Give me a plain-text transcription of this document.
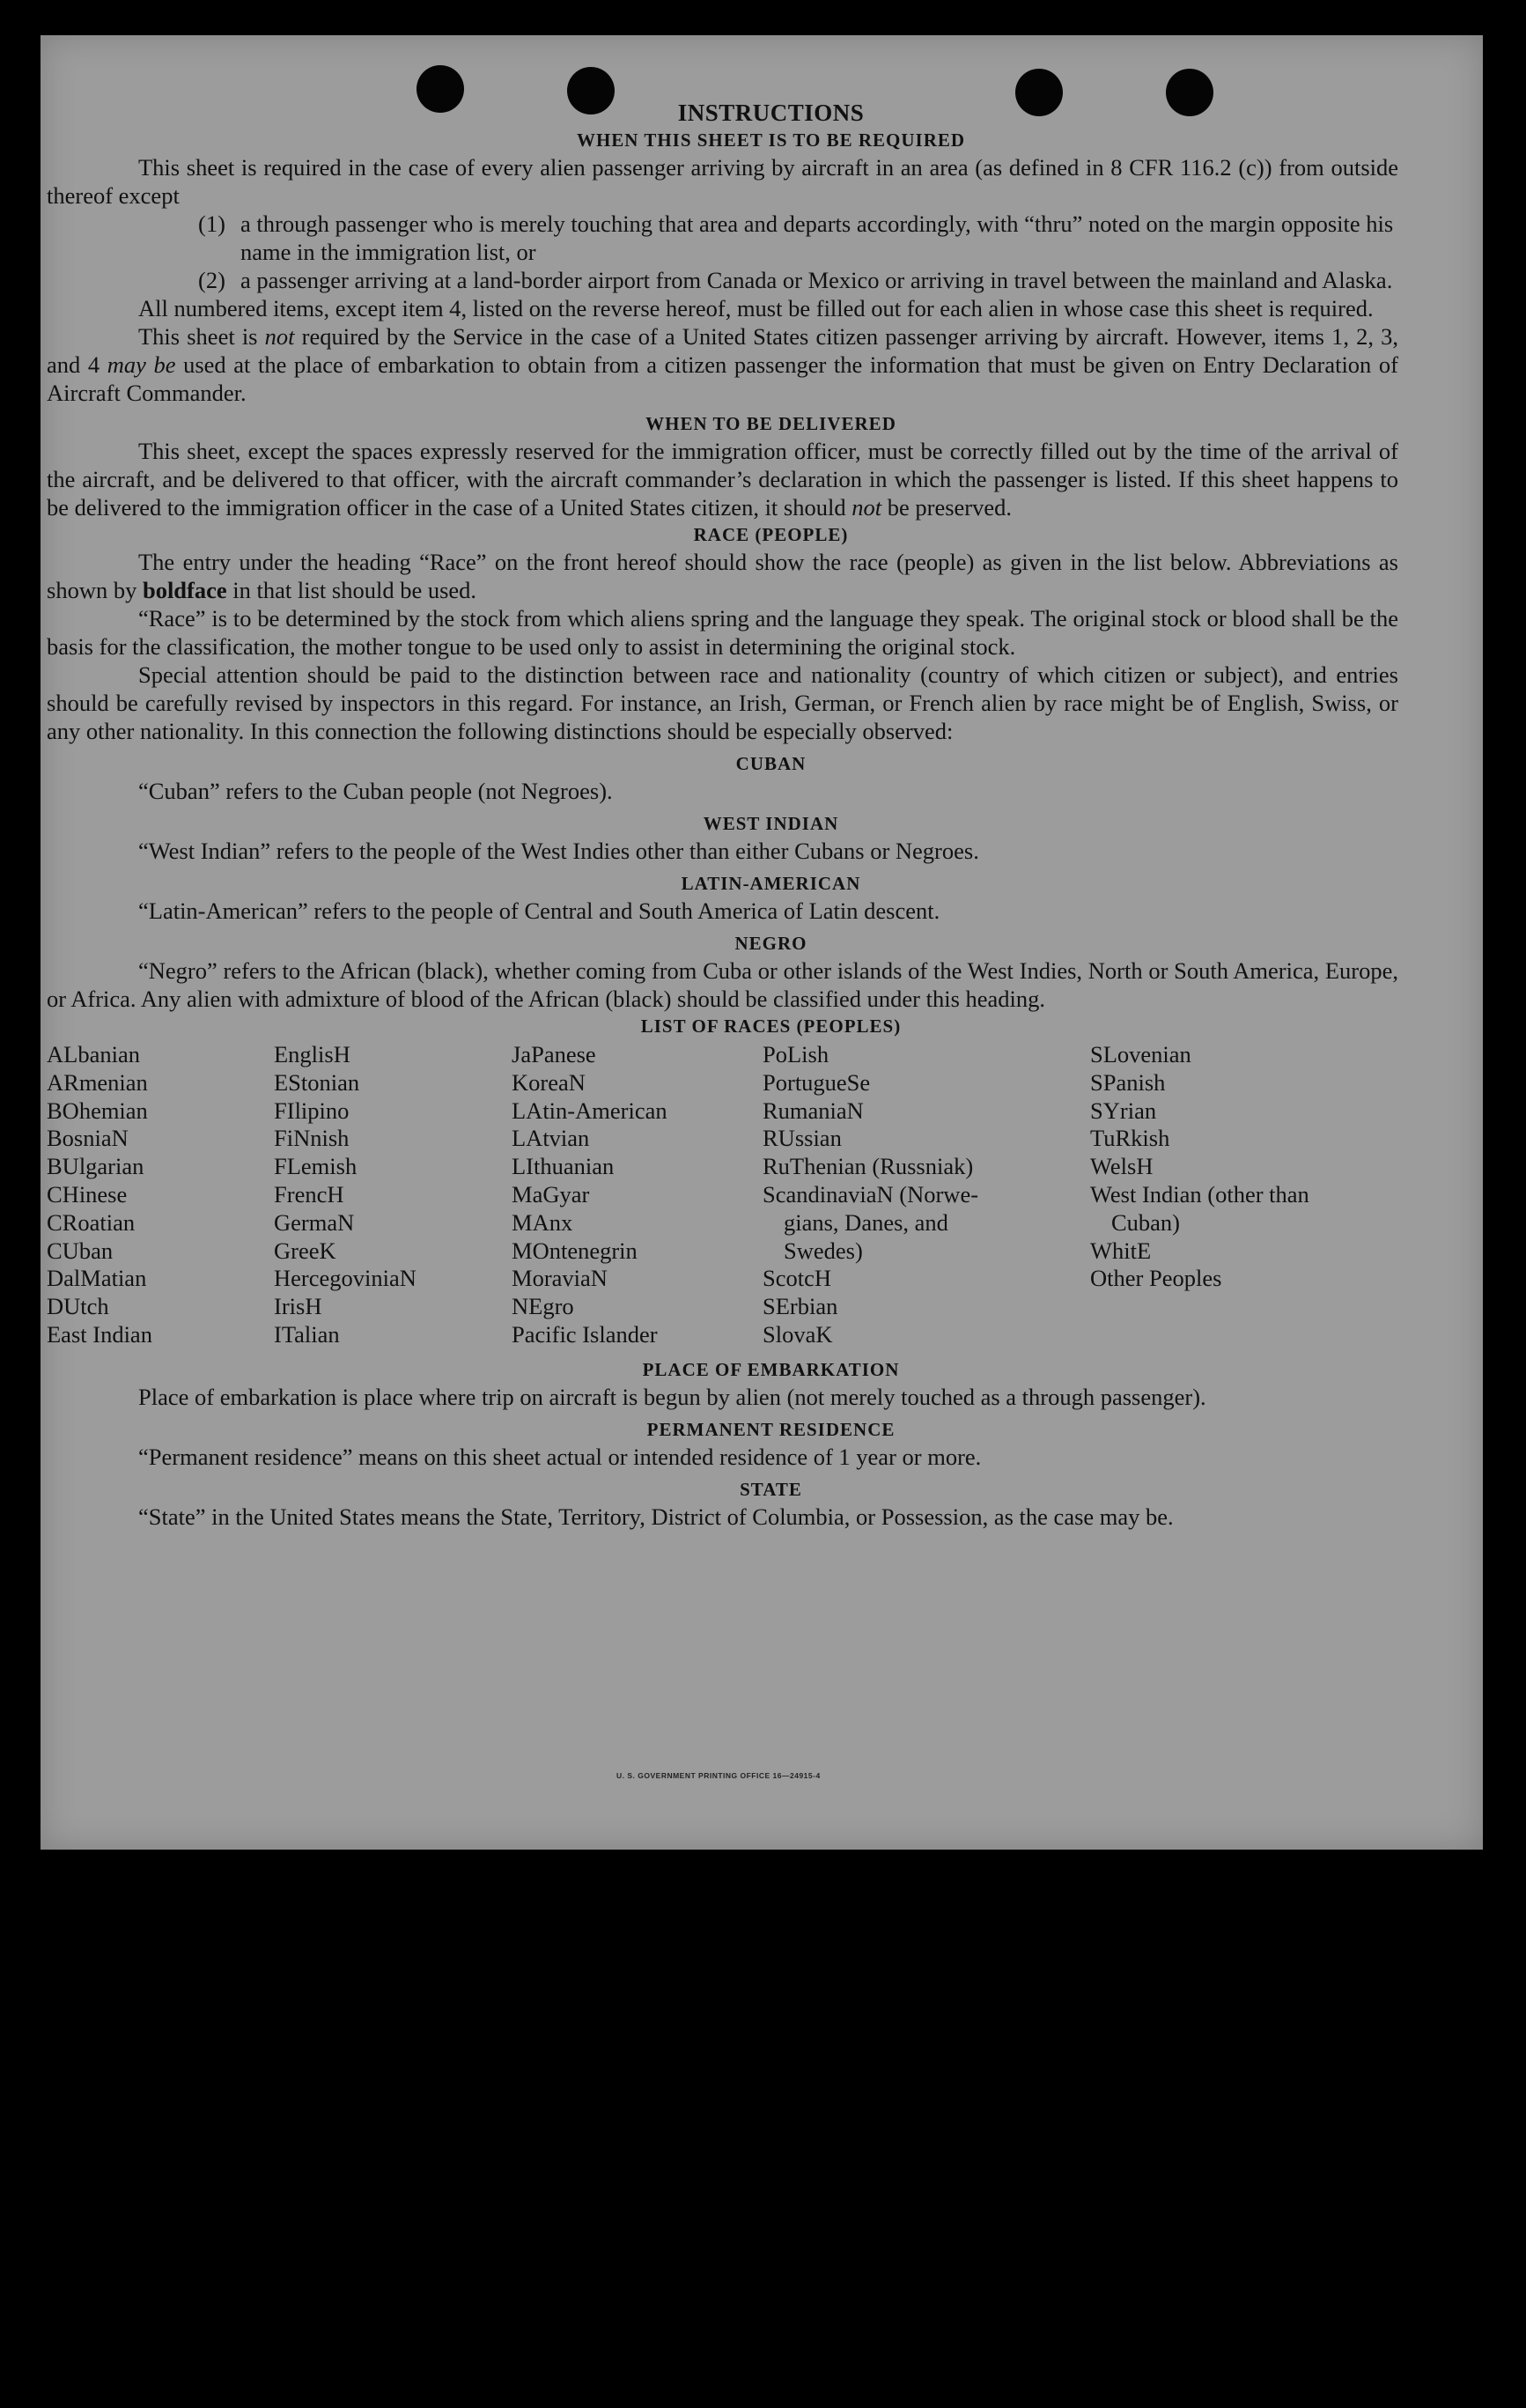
INSTRUCTIONS
WHEN THIS SHEET IS TO BE REQUIRED

This sheet is required in the case of every alien passenger arriving by aircraft in an area (as defined in 8 CFR 116.2 (c)) from outside thereof except

(1) a through passenger who is merely touching that area and departs accordingly, with “thru” noted on the margin opposite his name in the immigration list, or
(2) a passenger arriving at a land-border airport from Canada or Mexico or arriving in travel between the mainland and Alaska.

All numbered items, except item 4, listed on the reverse hereof, must be filled out for each alien in whose case this sheet is required.

This sheet is not required by the Service in the case of a United States citizen passenger arriving by aircraft. However, items 1, 2, 3, and 4 may be used at the place of embarkation to obtain from a citizen passenger the information that must be given on Entry Declaration of Aircraft Commander.

WHEN TO BE DELIVERED

This sheet, except the spaces expressly reserved for the immigration officer, must be correctly filled out by the time of the arrival of the aircraft, and be delivered to that officer, with the aircraft commander’s declaration in which the passenger is listed. If this sheet happens to be delivered to the immigration officer in the case of a United States citizen, it should not be preserved.

RACE (PEOPLE)

The entry under the heading “Race” on the front hereof should show the race (people) as given in the list below. Abbreviations as shown by boldface in that list should be used.

“Race” is to be determined by the stock from which aliens spring and the language they speak. The original stock or blood shall be the basis for the classification, the mother tongue to be used only to assist in determining the original stock.

Special attention should be paid to the distinction between race and nationality (country of which citizen or subject), and entries should be carefully revised by inspectors in this regard. For instance, an Irish, German, or French alien by race might be of English, Swiss, or any other nationality. In this connection the following distinctions should be especially observed:

CUBAN

“Cuban” refers to the Cuban people (not Negroes).

WEST INDIAN

“West Indian” refers to the people of the West Indies other than either Cubans or Negroes.

LATIN-AMERICAN

“Latin-American” refers to the people of Central and South America of Latin descent.

NEGRO

“Negro” refers to the African (black), whether coming from Cuba or other islands of the West Indies, North or South America, Europe, or Africa. Any alien with admixture of blood of the African (black) should be classified under this heading.

LIST OF RACES (PEOPLES)
ALbanian
ARmenian
BOhemian
BosniaN
BUlgarian
CHinese
CRoatian
CUban
DalMatian
DUtch
East Indian
EnglisH
EStonian
FIlipino
FiNnish
FLemish
FrencH
GermaN
GreeK
HercegoviniaN
IrisH
ITalian
JaPanese
KoreaN
LAtin-American
LAtvian
LIthuanian
MaGyar
MAnx
MOntenegrin
MoraviaN
NEgro
Pacific Islander
PoLish
PortugueSe
RumaniaN
RUssian
RuThenian (Russniak)
ScandinaviaN (Norwe-gians, Danes, and Swedes)
ScotcH
SErbian
SlovaK
SLovenian
SPanish
SYrian
TuRkish
WelsH
West Indian (other than Cuban)
WhitE
Other Peoples
PLACE OF EMBARKATION

Place of embarkation is place where trip on aircraft is begun by alien (not merely touched as a through passenger).

PERMANENT RESIDENCE

“Permanent residence” means on this sheet actual or intended residence of 1 year or more.

STATE

“State” in the United States means the State, Territory, District of Columbia, or Possession, as the case may be.

U. S. GOVERNMENT PRINTING OFFICE 16—24915-4
